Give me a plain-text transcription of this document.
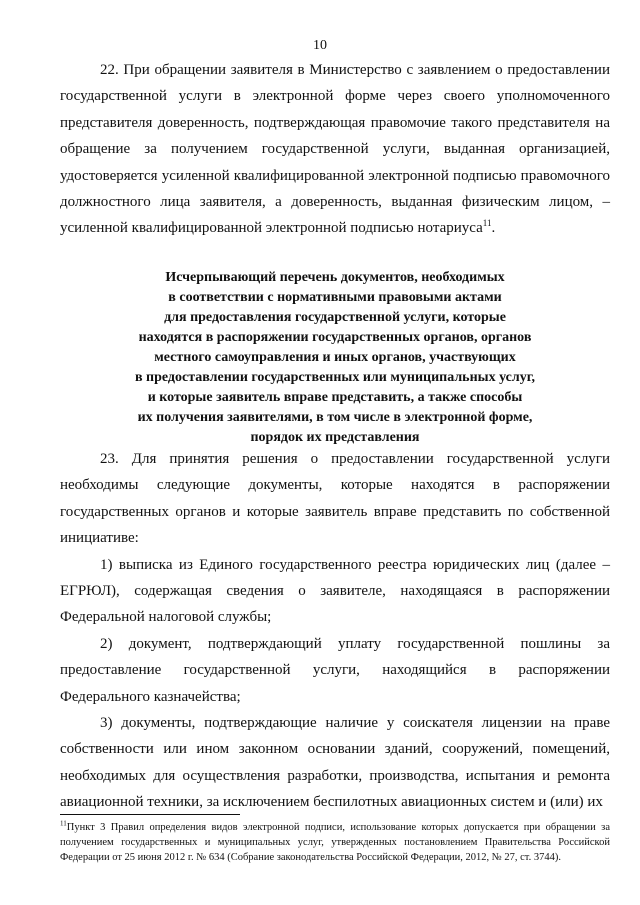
10

22. При обращении заявителя в Министерство с заявлением о предоставлении государственной услуги в электронной форме через своего уполномоченного представителя доверенность, подтверждающая правомочие такого представителя на обращение за получением государственной услуги, выданная организацией, удостоверяется усиленной квалифицированной электронной подписью правомочного должностного лица заявителя, а доверенность, выданная физическим лицом, – усиленной квалифицированной электронной подписью нотариуса$^{11}$.

Исчерпывающий перечень документов, необходимых
в соответствии с нормативными правовыми актами
для предоставления государственной услуги, которые
находятся в распоряжении государственных органов, органов
местного самоуправления и иных органов, участвующих
в предоставлении государственных или муниципальных услуг,
и которые заявитель вправе представить, а также способы
их получения заявителями, в том числе в электронной форме,
порядок их представления

23. Для принятия решения о предоставлении государственной услуги необходимы следующие документы, которые находятся в распоряжении государственных органов и которые заявитель вправе представить по собственной инициативе:

1) выписка из Единого государственного реестра юридических лиц (далее – ЕГРЮЛ), содержащая сведения о заявителе, находящаяся в распоряжении Федеральной налоговой службы;

2) документ, подтверждающий уплату государственной пошлины за предоставление государственной услуги, находящийся в распоряжении Федерального казначейства;

3) документы, подтверждающие наличие у соискателя лицензии на праве собственности или ином законном основании зданий, сооружений, помещений, необходимых для осуществления разработки, производства, испытания и ремонта авиационной техники, за исключением беспилотных авиационных систем и (или) их

$^{11}$Пункт 3 Правил определения видов электронной подписи, использование которых допускается при обращении за получением государственных и муниципальных услуг, утвержденных постановлением Правительства Российской Федерации от 25 июня 2012 г. № 634 (Собрание законодательства Российской Федерации, 2012, № 27, ст. 3744).
